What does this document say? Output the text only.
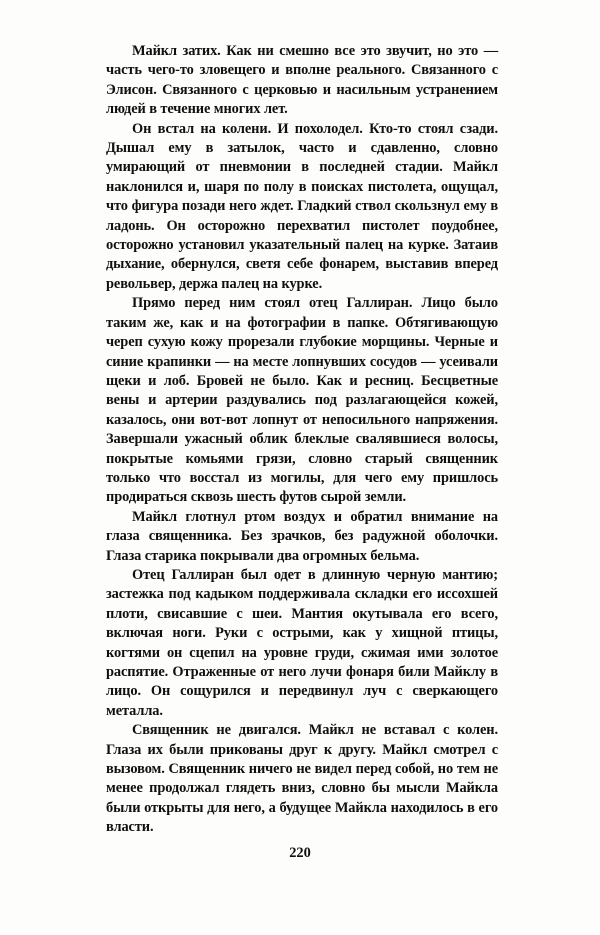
Майкл затих. Как ни смешно все это звучит, но это — часть чего-то зловещего и вполне реального. Связанного с Элисон. Связанного с церковью и насильным устранением людей в течение многих лет.

Он встал на колени. И похолодел. Кто-то стоял сзади. Дышал ему в затылок, часто и сдавленно, словно умирающий от пневмонии в последней стадии. Майкл наклонился и, шаря по полу в поисках пистолета, ощущал, что фигура позади него ждет. Гладкий ствол скользнул ему в ладонь. Он осторожно перехватил пистолет поудобнее, осторожно установил указательный палец на курке. Затаив дыхание, обернулся, светя себе фонарем, выставив вперед револьвер, держа палец на курке.

Прямо перед ним стоял отец Галлиран. Лицо было таким же, как и на фотографии в папке. Обтягивающую череп сухую кожу прорезали глубокие морщины. Черные и синие крапинки — на месте лопнувших сосудов — усеивали щеки и лоб. Бровей не было. Как и ресниц. Бесцветные вены и артерии раздувались под разлагающейся кожей, казалось, они вот-вот лопнут от непосильного напряжения. Завершали ужасный облик блеклые свалявшиеся волосы, покрытые комьями грязи, словно старый священник только что восстал из могилы, для чего ему пришлось продираться сквозь шесть футов сырой земли.

Майкл глотнул ртом воздух и обратил внимание на глаза священника. Без зрачков, без радужной оболочки. Глаза старика покрывали два огромных бельма.

Отец Галлиран был одет в длинную черную мантию; застежка под кадыком поддерживала складки его иссохшей плоти, свисавшие с шеи. Мантия окутывала его всего, включая ноги. Руки с острыми, как у хищной птицы, когтями он сцепил на уровне груди, сжимая ими золотое распятие. Отраженные от него лучи фонаря били Майклу в лицо. Он сощурился и передвинул луч с сверкающего металла.

Священник не двигался. Майкл не вставал с колен. Глаза их были прикованы друг к другу. Майкл смотрел с вызовом. Священник ничего не видел перед собой, но тем не менее продолжал глядеть вниз, словно бы мысли Майкла были открыты для него, а будущее Майкла находилось в его власти.

220
